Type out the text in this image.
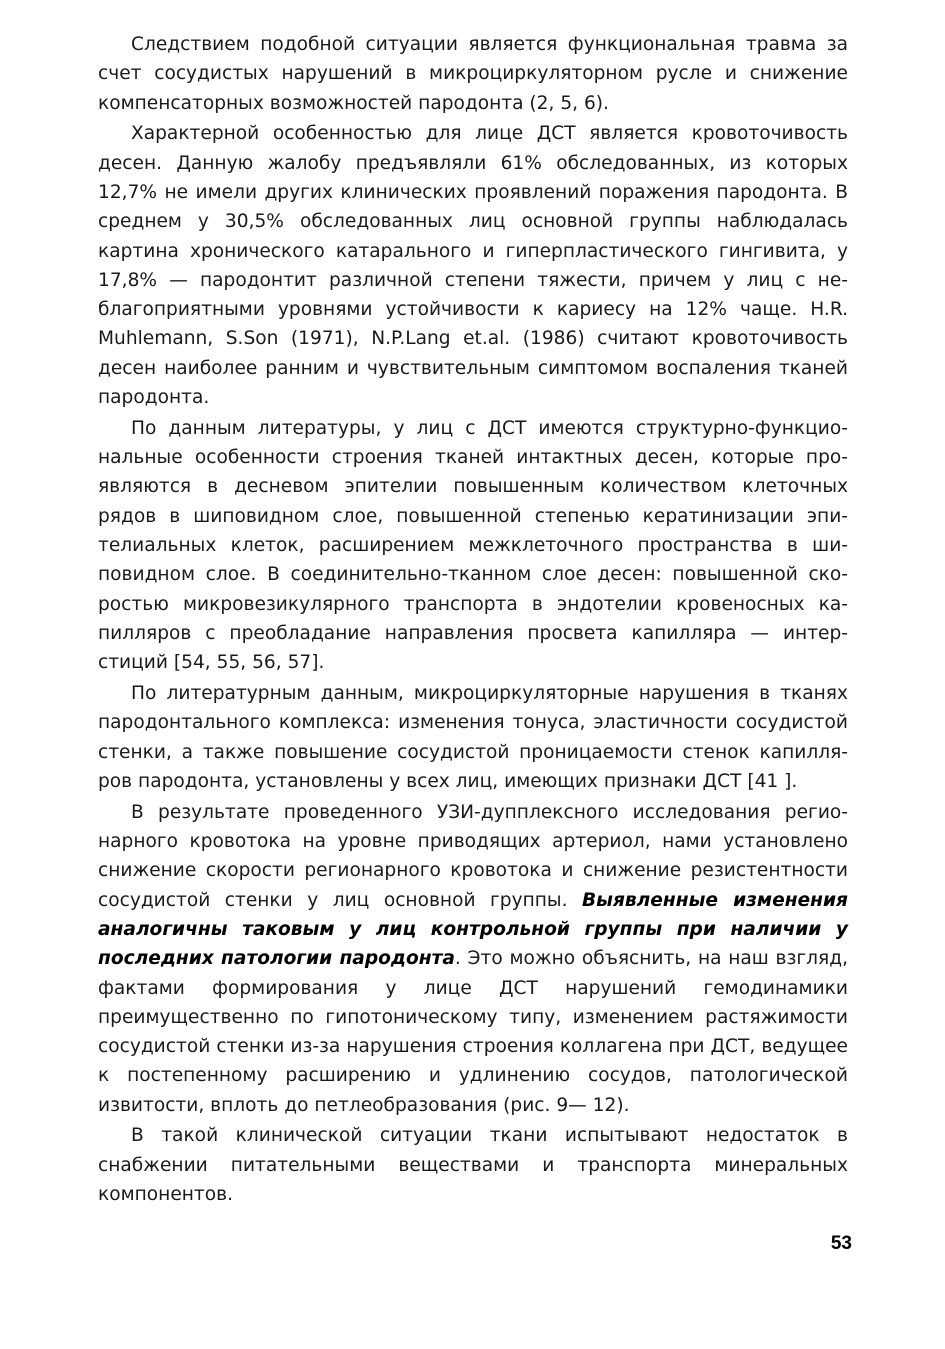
Следствием подобной ситуации является функциональная травма за счет сосудистых нарушений в микроциркуляторном русле и снижение компенсаторных возможностей пародонта (2, 5, 6).

Характерной особенностью для лице ДСТ является кровоточивость десен. Данную жалобу предъявляли 61% обследованных, из которых 12,7% не имели других клинических проявлений поражения пародонта. В среднем у 30,5% обследованных лиц основной группы наблюдалась картина хронического катарального и гиперпластического гингивита, у 17,8% — пародонтит различной степени тяжести, причем у лиц с неблагоприятными уровнями устойчивости к кариесу на 12% чаще. H.R. Muhlemann, S.Son (1971), N.P.Lang et.al. (1986) считают кровоточивость десен наиболее ранним и чувствительным симптомом воспаления тканей пародонта.

По данным литературы, у лиц с ДСТ имеются структурно-функциональные особенности строения тканей интактных десен, которые проявляются в десневом эпителии повышенным количеством клеточных рядов в шиповидном слое, повышенной степенью кератинизации эпителиальных клеток, расширением межклеточного пространства в шиповидном слое. В соединительно-тканном слое десен: повышенной скоростью микровезикулярного транспорта в эндотелии кровеносных капилляров с преобладание направления просвета капилляра — интерстиций [54, 55, 56, 57].

По литературным данным, микроциркуляторные нарушения в тканях пародонтального комплекса: изменения тонуса, эластичности сосудистой стенки, а также повышение сосудистой проницаемости стенок капилляров пародонта, установлены у всех лиц, имеющих признаки ДСТ [41 ].

В результате проведенного УЗИ-дупплексного исследования регионарного кровотока на уровне приводящих артериол, нами установлено снижение скорости регионарного кровотока и снижение резистентности сосудистой стенки у лиц основной группы. Выявленные изменения аналогичны таковым у лиц контрольной группы при наличии у последних патологии пародонта. Это можно объяснить, на наш взгляд, фактами формирования у лице ДСТ нарушений гемодинамики преимущественно по гипотоническому типу, изменением растяжимости сосудистой стенки из-за нарушения строения коллагена при ДСТ, ведущее к постепенному расширению и удлинению сосудов, патологической извитости, вплоть до петлеобразования (рис. 9— 12).

В такой клинической ситуации ткани испытывают недостаток в снабжении питательными веществами и транспорта минеральных компонентов.

53
